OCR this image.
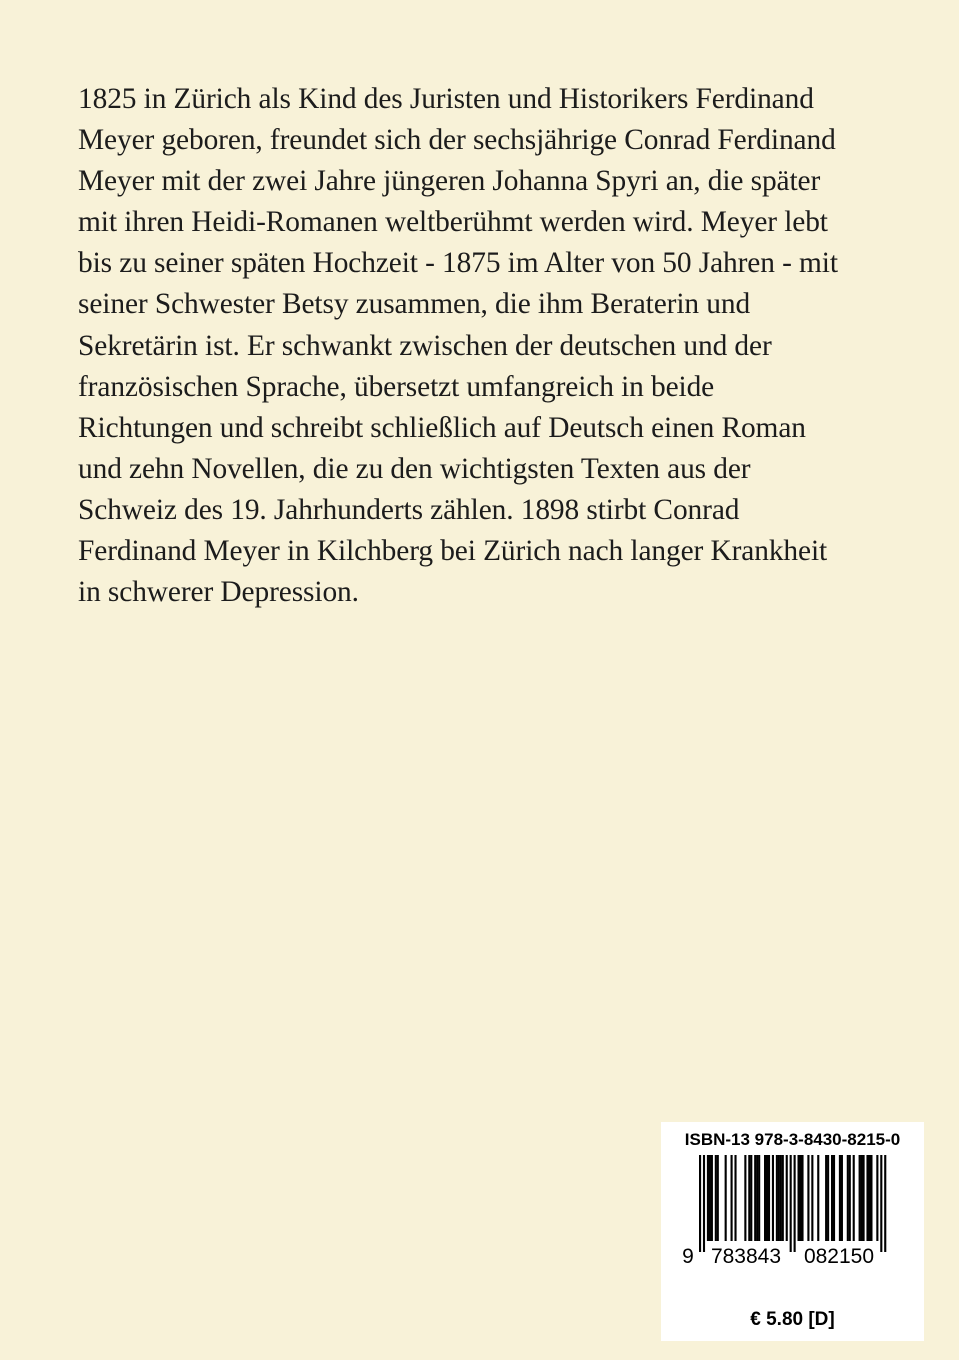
1825 in Zürich als Kind des Juristen und Historikers Ferdinand
Meyer geboren, freundet sich der sechsjährige Conrad Ferdinand
Meyer mit der zwei Jahre jüngeren Johanna Spyri an, die später
mit ihren Heidi-Romanen weltberühmt werden wird. Meyer lebt
bis zu seiner späten Hochzeit - 1875 im Alter von 50 Jahren - mit
seiner Schwester Betsy zusammen, die ihm Beraterin und
Sekretärin ist. Er schwankt zwischen der deutschen und der
französischen Sprache, übersetzt umfangreich in beide
Richtungen und schreibt schließlich auf Deutsch einen Roman
und zehn Novellen, die zu den wichtigsten Texten aus der
Schweiz des 19. Jahrhunderts zählen. 1898 stirbt Conrad
Ferdinand Meyer in Kilchberg bei Zürich nach langer Krankheit
in schwerer Depression.
ISBN-13 978-3-8430-8215-0
9 783843 082150
€ 5.80 [D]
